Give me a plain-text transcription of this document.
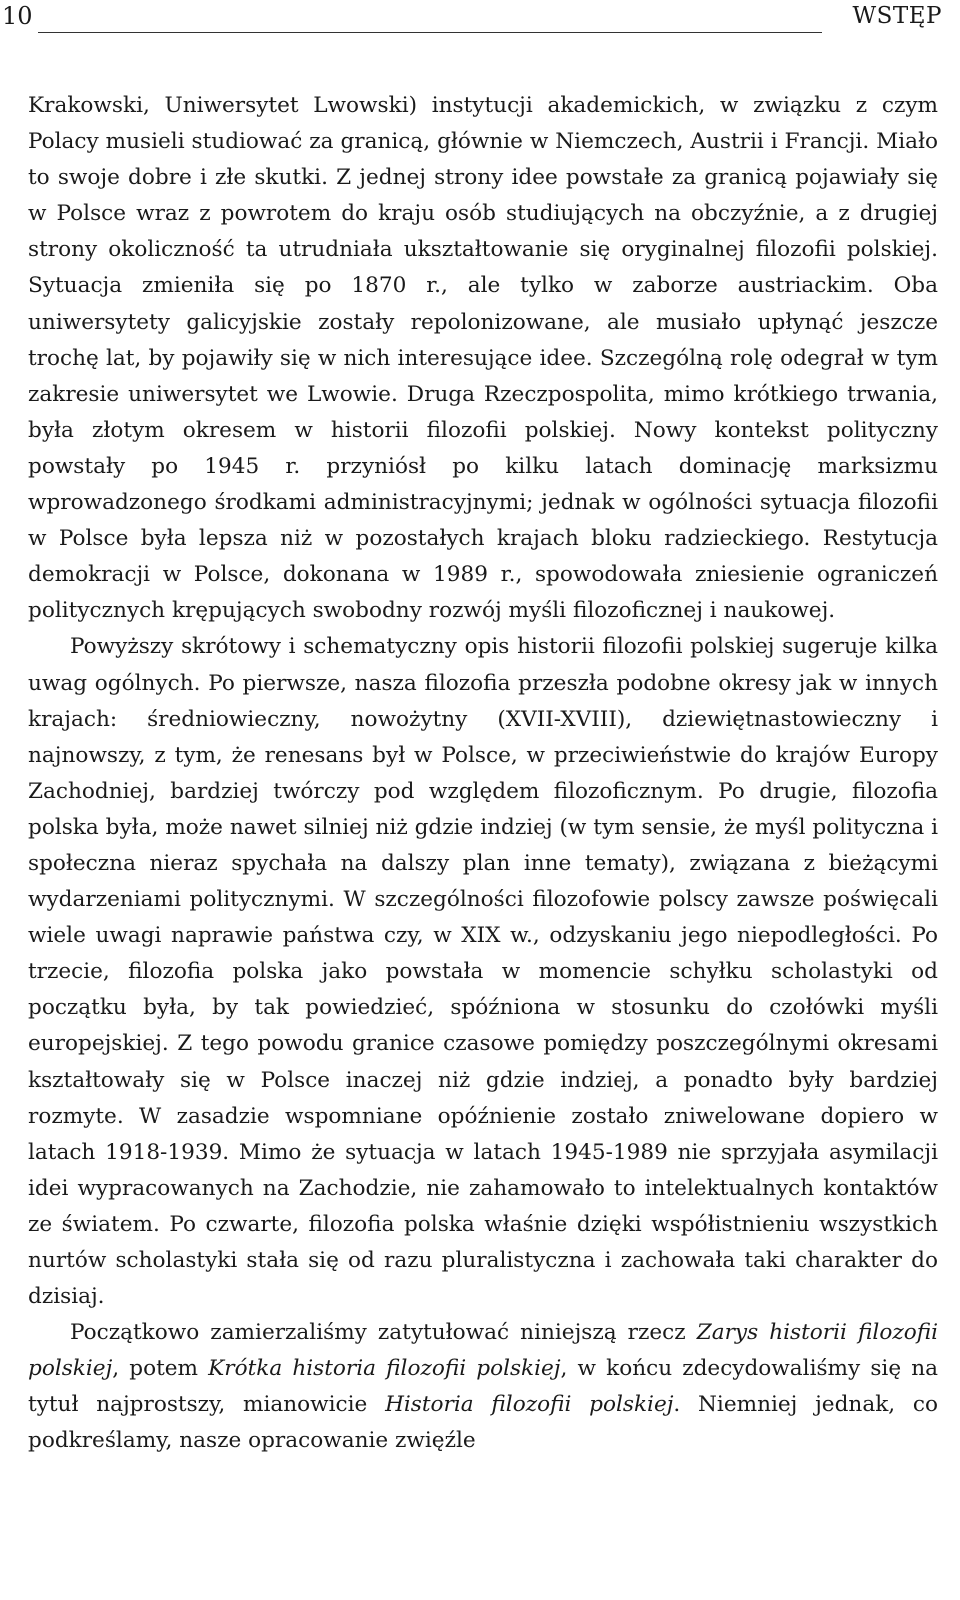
10	WSTĘP

Krakowski, Uniwersytet Lwowski) instytucji akademickich, w związku z czym Polacy musieli studiować za granicą, głównie w Niemczech, Austrii i Francji. Miało to swoje dobre i złe skutki. Z jednej strony idee powstałe za granicą pojawiały się w Polsce wraz z powrotem do kraju osób studiujących na obczyźnie, a z drugiej strony okoliczność ta utrudniała ukształtowanie się oryginalnej filozofii polskiej. Sytuacja zmieniła się po 1870 r., ale tylko w zaborze austriackim. Oba uniwersytety galicyjskie zostały repolonizowane, ale musiało upłynąć jeszcze trochę lat, by pojawiły się w nich interesujące idee. Szczególną rolę odegrał w tym zakresie uniwersytet we Lwowie. Druga Rzeczpospolita, mimo krótkiego trwania, była złotym okresem w historii filozofii polskiej. Nowy kontekst polityczny powstały po 1945 r. przyniósł po kilku latach dominację marksizmu wprowadzonego środkami administracyjnymi; jednak w ogólności sytuacja filozofii w Polsce była lepsza niż w pozostałych krajach bloku radzieckiego. Restytucja demokracji w Polsce, dokonana w 1989 r., spowodowała zniesienie ograniczeń politycznych krępujących swobodny rozwój myśli filozoficznej i naukowej.

Powyższy skrótowy i schematyczny opis historii filozofii polskiej sugeruje kilka uwag ogólnych. Po pierwsze, nasza filozofia przeszła podobne okresy jak w innych krajach: średniowieczny, nowożytny (XVII-XVIII), dziewiętnastowieczny i najnowszy, z tym, że renesans był w Polsce, w przeciwieństwie do krajów Europy Zachodniej, bardziej twórczy pod względem filozoficznym. Po drugie, filozofia polska była, może nawet silniej niż gdzie indziej (w tym sensie, że myśl polityczna i społeczna nieraz spychała na dalszy plan inne tematy), związana z bieżącymi wydarzeniami politycznymi. W szczególności filozofowie polscy zawsze poświęcali wiele uwagi naprawie państwa czy, w XIX w., odzyskaniu jego niepodległości. Po trzecie, filozofia polska jako powstała w momencie schyłku scholastyki od początku była, by tak powiedzieć, spóźniona w stosunku do czołówki myśli europejskiej. Z tego powodu granice czasowe pomiędzy poszczególnymi okresami kształtowały się w Polsce inaczej niż gdzie indziej, a ponadto były bardziej rozmyte. W zasadzie wspomniane opóźnienie zostało zniwelowane dopiero w latach 1918-1939. Mimo że sytuacja w latach 1945-1989 nie sprzyjała asymilacji idei wypracowanych na Zachodzie, nie zahamowało to intelektualnych kontaktów ze światem. Po czwarte, filozofia polska właśnie dzięki współistnieniu wszystkich nurtów scholastyki stała się od razu pluralistyczna i zachowała taki charakter do dzisiaj.

Początkowo zamierzaliśmy zatytułować niniejszą rzecz Zarys historii filozofii polskiej, potem Krótka historia filozofii polskiej, w końcu zdecydowaliśmy się na tytuł najprostszy, mianowicie Historia filozofii polskiej. Niemniej jednak, co podkreślamy, nasze opracowanie zwięźle
